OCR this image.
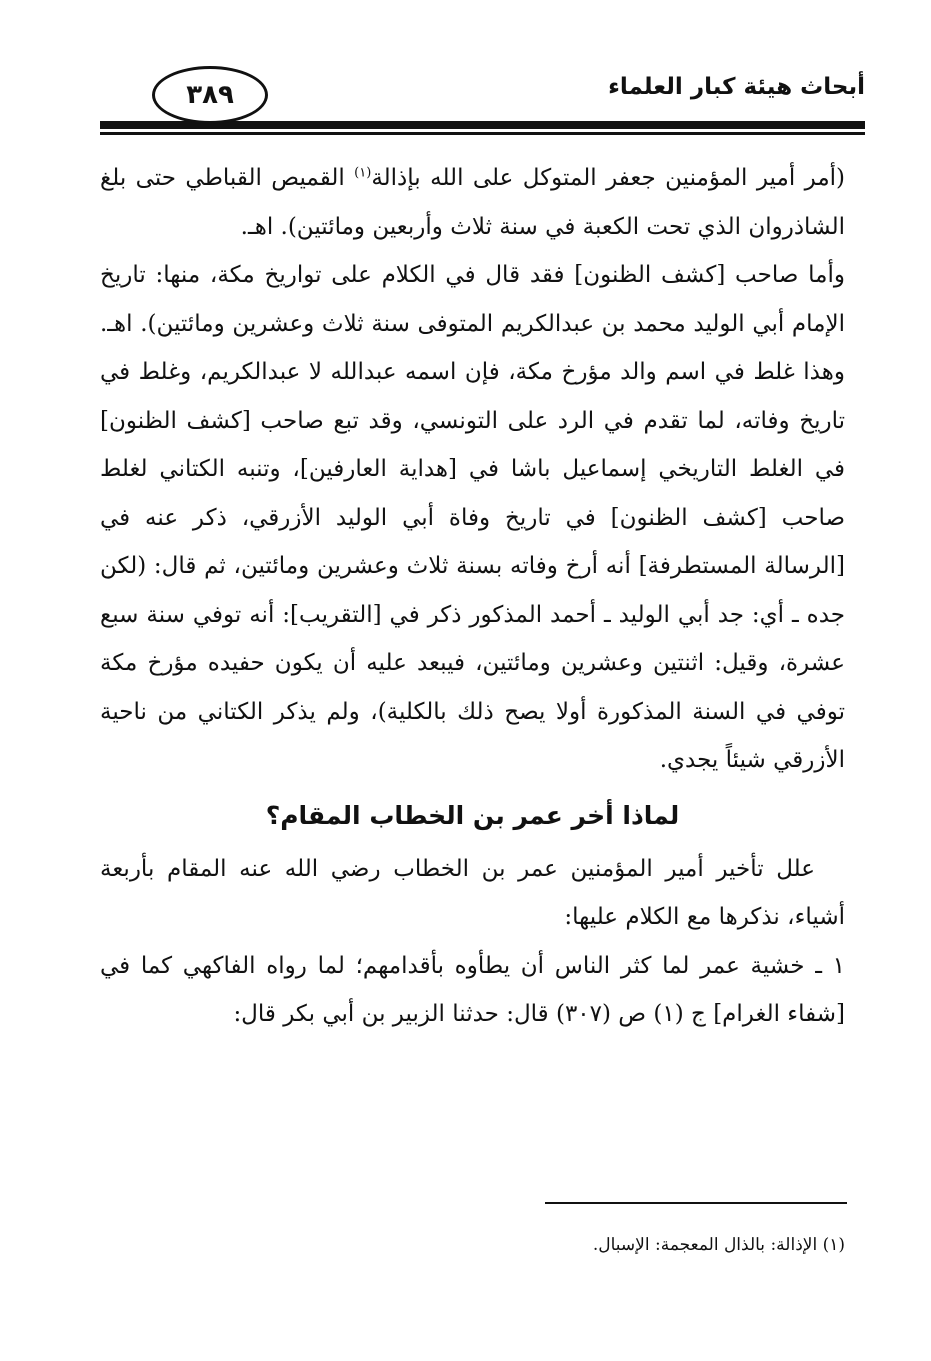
أبحاث هيئة كبار العلماء
٣٨٩

(أمر أمير المؤمنين جعفر المتوكل على الله بإذالة$^{(١)}$ القميص القباطي حتى بلغ الشاذروان الذي تحت الكعبة في سنة ثلاث وأربعين ومائتين). اهـ.

وأما صاحب [كشف الظنون] فقد قال في الكلام على تواريخ مكة، منها: تاريخ الإمام أبي الوليد محمد بن عبدالكريم المتوفى سنة ثلاث وعشرين ومائتين). اهـ. وهذا غلط في اسم والد مؤرخ مكة، فإن اسمه عبدالله لا عبدالكريم، وغلط في تاريخ وفاته، لما تقدم في الرد على التونسي، وقد تبع صاحب [كشف الظنون] في الغلط التاريخي إسماعيل باشا في [هداية العارفين]، وتنبه الكتاني لغلط صاحب [كشف الظنون] في تاريخ وفاة أبي الوليد الأزرقي، ذكر عنه في [الرسالة المستطرفة] أنه أرخ وفاته بسنة ثلاث وعشرين ومائتين، ثم قال: (لكن جده ـ أي: جد أبي الوليد ـ أحمد المذكور ذكر في [التقريب]: أنه توفي سنة سبع عشرة، وقيل: اثنتين وعشرين ومائتين، فيبعد عليه أن يكون حفيده مؤرخ مكة توفي في السنة المذكورة أولا يصح ذلك بالكلية)، ولم يذكر الكتاني من ناحية الأزرقي شيئاً يجدي.

لماذا أخر عمر بن الخطاب المقام؟

علل تأخير أمير المؤمنين عمر بن الخطاب رضي الله عنه المقام بأربعة أشياء، نذكرها مع الكلام عليها:

١ ـ خشية عمر لما كثر الناس أن يطأوه بأقدامهم؛ لما رواه الفاكهي كما في [شفاء الغرام] ج (١) ص (٣٠٧) قال: حدثنا الزبير بن أبي بكر قال:

(١) الإذالة: بالذال المعجمة: الإسبال.
